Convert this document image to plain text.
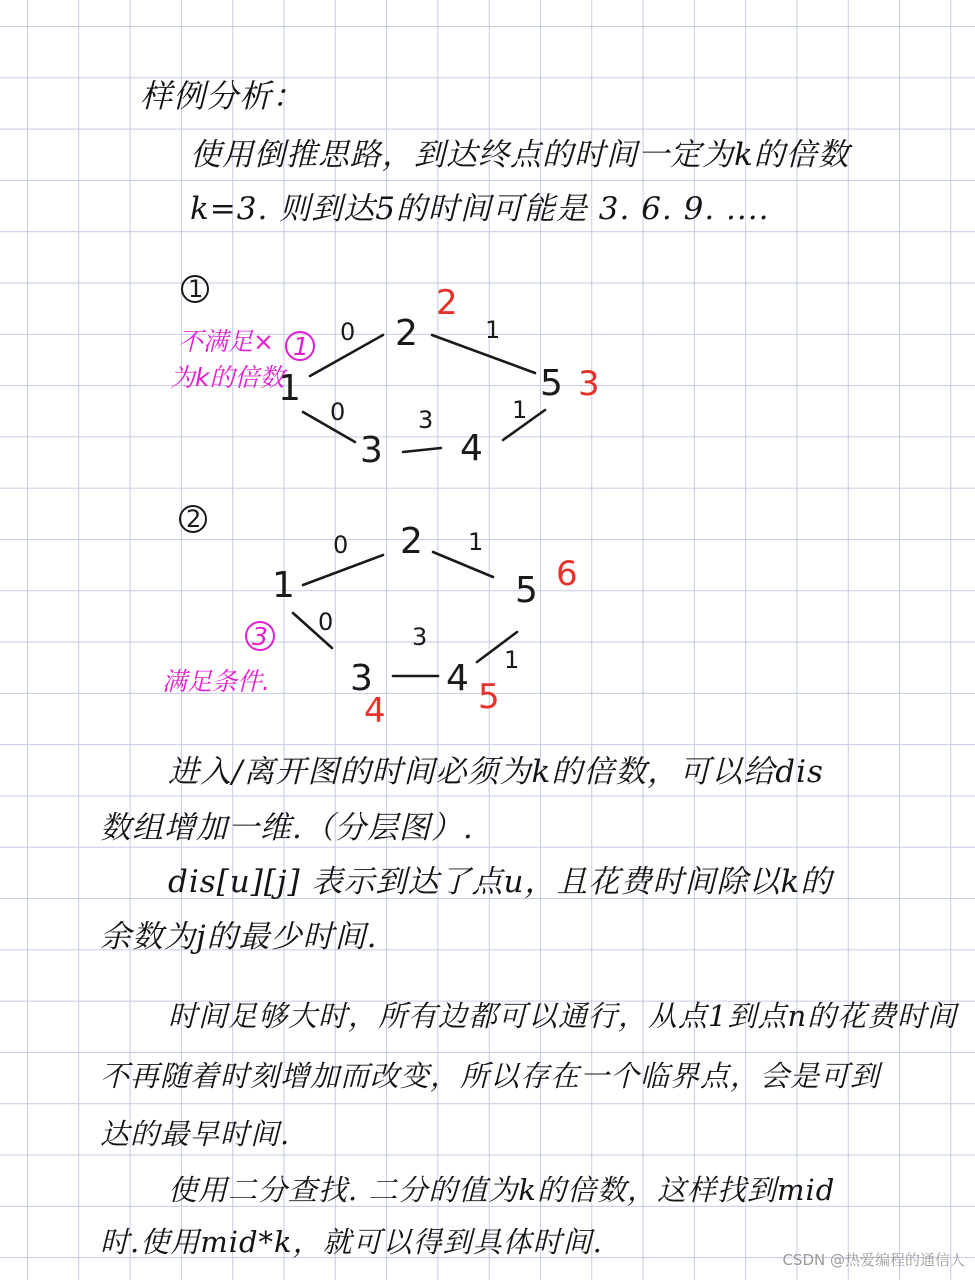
样例分析：
使用倒推思路，到达终点的时间一定为k的倍数
k=3. 则到达5的时间可能是 3. 6. 9. ....
1
1
2
3 4
5
0	1
0	3	1
2
3
1
不满足×
为k的倍数
2
1
2
3 4
5
0	1
0
3
1
6
4	5
3
满足条件.
进入/离开图的时间必须为k的倍数，可以给dis
数组增加一维.（分层图）.
dis[u][j] 表示到达了点u，且花费时间除以k的
余数为j的最少时间.
时间足够大时，所有边都可以通行，从点1到点n的花费时间
不再随着时刻增加而改变，所以存在一个临界点，会是可到
达的最早时间.
使用二分查找. 二分的值为k的倍数，这样找到mid
时.使用mid*k，就可以得到具体时间.
CSDN @热爱编程的通信人
